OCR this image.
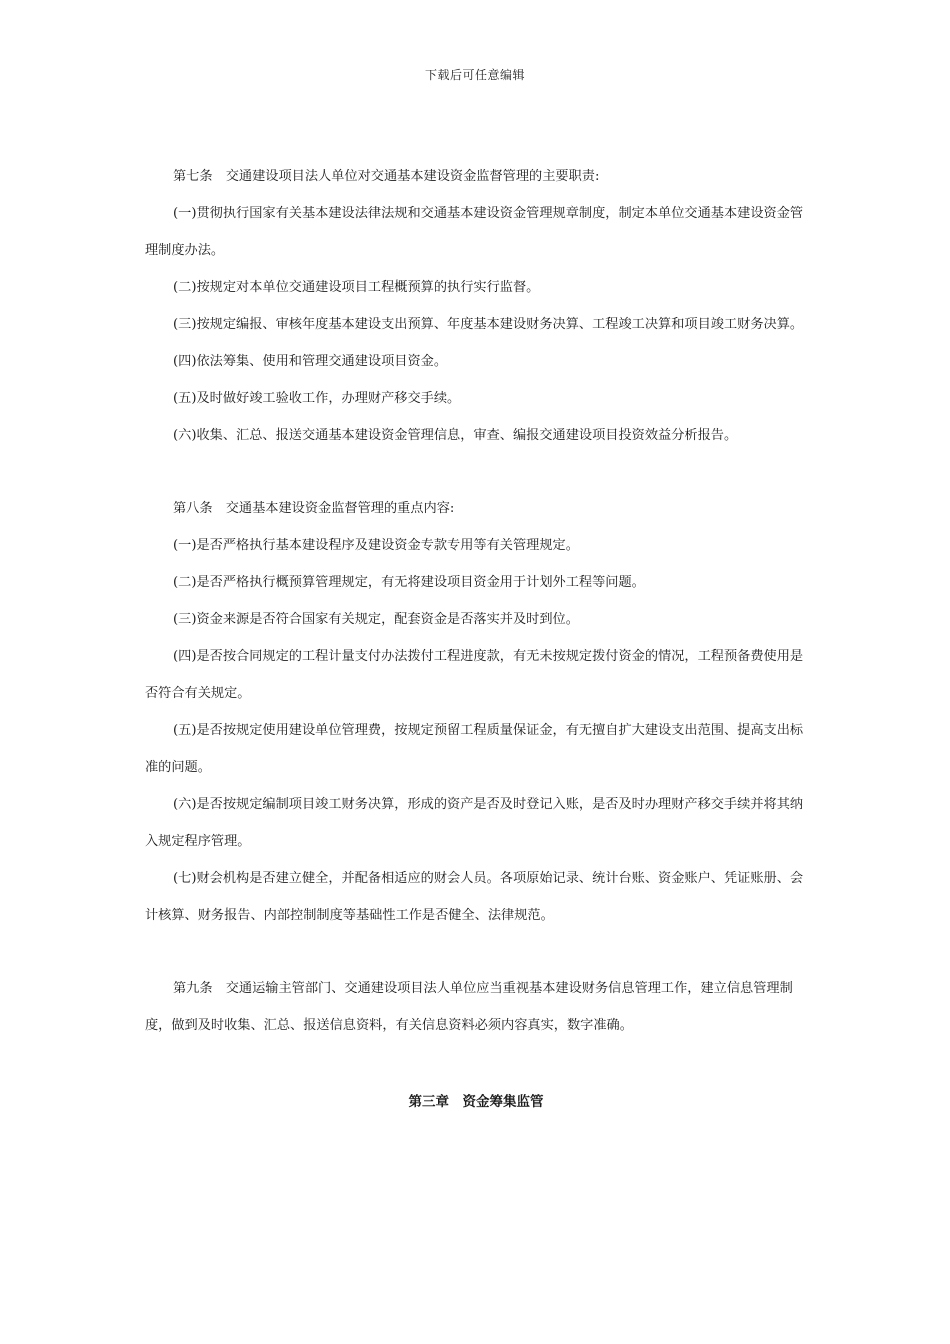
下载后可任意编辑

第七条　交通建设项目法人单位对交通基本建设资金监督管理的主要职责:

(一)贯彻执行国家有关基本建设法律法规和交通基本建设资金管理规章制度，制定本单位交通基本建设资金管理制度办法。

(二)按规定对本单位交通建设项目工程概预算的执行实行监督。

(三)按规定编报、审核年度基本建设支出预算、年度基本建设财务决算、工程竣工决算和项目竣工财务决算。

(四)依法筹集、使用和管理交通建设项目资金。

(五)及时做好竣工验收工作，办理财产移交手续。

(六)收集、汇总、报送交通基本建设资金管理信息，审查、编报交通建设项目投资效益分析报告。

第八条　交通基本建设资金监督管理的重点内容:

(一)是否严格执行基本建设程序及建设资金专款专用等有关管理规定。

(二)是否严格执行概预算管理规定，有无将建设项目资金用于计划外工程等问题。

(三)资金来源是否符合国家有关规定，配套资金是否落实并及时到位。

(四)是否按合同规定的工程计量支付办法拨付工程进度款，有无未按规定拨付资金的情况，工程预备费使用是否符合有关规定。

(五)是否按规定使用建设单位管理费，按规定预留工程质量保证金，有无擅自扩大建设支出范围、提高支出标准的问题。

(六)是否按规定编制项目竣工财务决算，形成的资产是否及时登记入账，是否及时办理财产移交手续并将其纳入规定程序管理。

(七)财会机构是否建立健全，并配备相适应的财会人员。各项原始记录、统计台账、资金账户、凭证账册、会计核算、财务报告、内部控制制度等基础性工作是否健全、法律规范。

第九条　交通运输主管部门、交通建设项目法人单位应当重视基本建设财务信息管理工作，建立信息管理制度，做到及时收集、汇总、报送信息资料，有关信息资料必须内容真实，数字准确。

第三章　资金筹集监管
